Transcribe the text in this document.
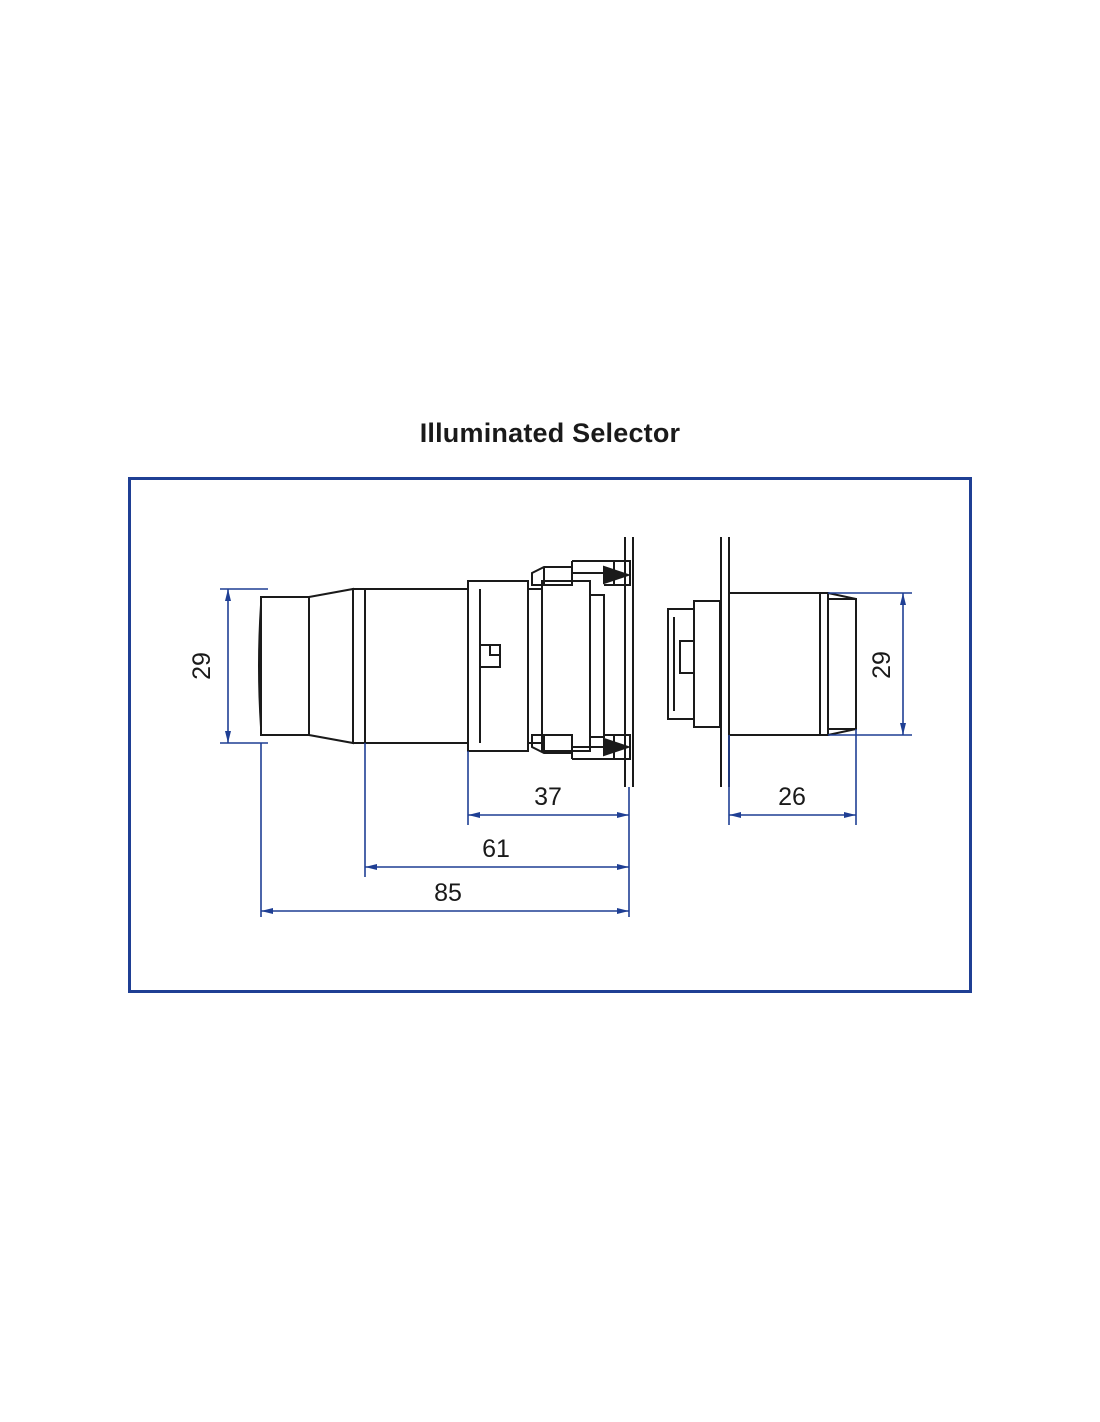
Illuminated Selector
29
37
61
85
29
26
